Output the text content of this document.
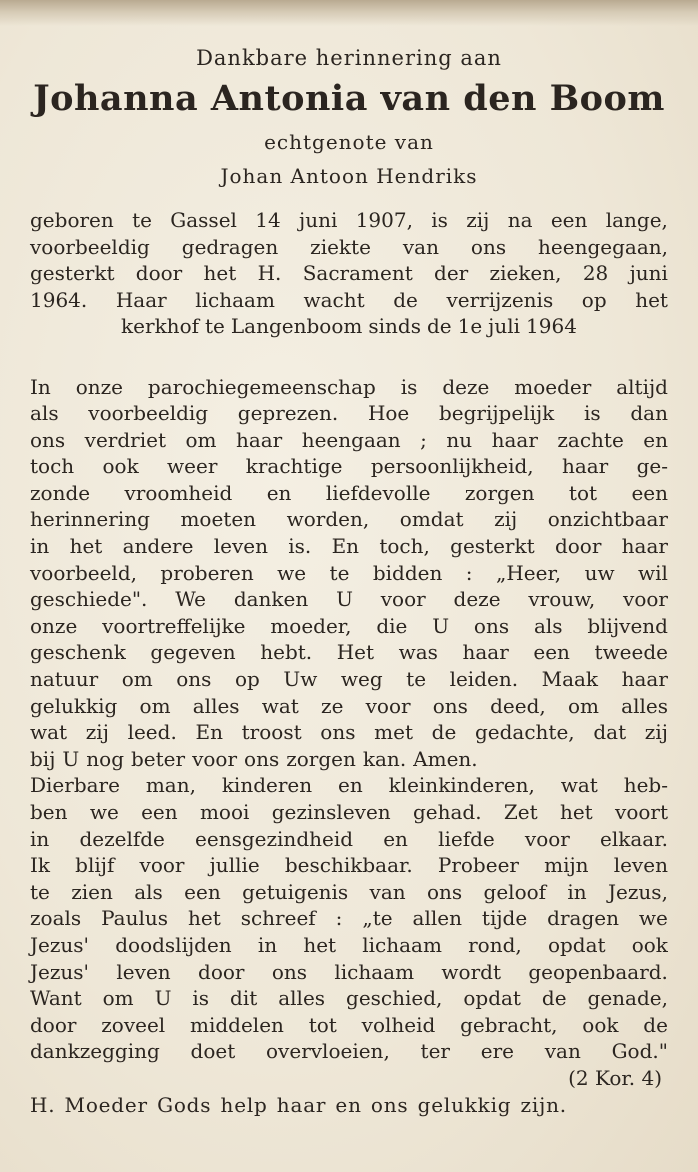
Dankbare herinnering aan
Johanna Antonia van den Boom
echtgenote van
Johan Antoon Hendriks
geboren te Gassel 14 juni 1907, is zij na een lange,
voorbeeldig gedragen ziekte van ons heengegaan,
gesterkt door het H. Sacrament der zieken, 28 juni
1964. Haar lichaam wacht de verrijzenis op het
kerkhof te Langenboom sinds de 1e juli 1964
In onze parochiegemeenschap is deze moeder altijd
als voorbeeldig geprezen. Hoe begrijpelijk is dan
ons verdriet om haar heengaan ; nu haar zachte en
toch ook weer krachtige persoonlijkheid, haar ge-
zonde vroomheid en liefdevolle zorgen tot een
herinnering moeten worden, omdat zij onzichtbaar
in het andere leven is. En toch, gesterkt door haar
voorbeeld, proberen we te bidden : „Heer, uw wil
geschiede". We danken U voor deze vrouw, voor
onze voortreffelijke moeder, die U ons als blijvend
geschenk gegeven hebt. Het was haar een tweede
natuur om ons op Uw weg te leiden. Maak haar
gelukkig om alles wat ze voor ons deed, om alles
wat zij leed. En troost ons met de gedachte, dat zij
bij U nog beter voor ons zorgen kan. Amen.
Dierbare man, kinderen en kleinkinderen, wat heb-
ben we een mooi gezinsleven gehad. Zet het voort
in dezelfde eensgezindheid en liefde voor elkaar.
Ik blijf voor jullie beschikbaar. Probeer mijn leven
te zien als een getuigenis van ons geloof in Jezus,
zoals Paulus het schreef : „te allen tijde dragen we
Jezus' doodslijden in het lichaam rond, opdat ook
Jezus' leven door ons lichaam wordt geopenbaard.
Want om U is dit alles geschied, opdat de genade,
door zoveel middelen tot volheid gebracht, ook de
dankzegging doet overvloeien, ter ere van God."
(2 Kor. 4)
H. Moeder Gods help haar en ons gelukkig zijn.
